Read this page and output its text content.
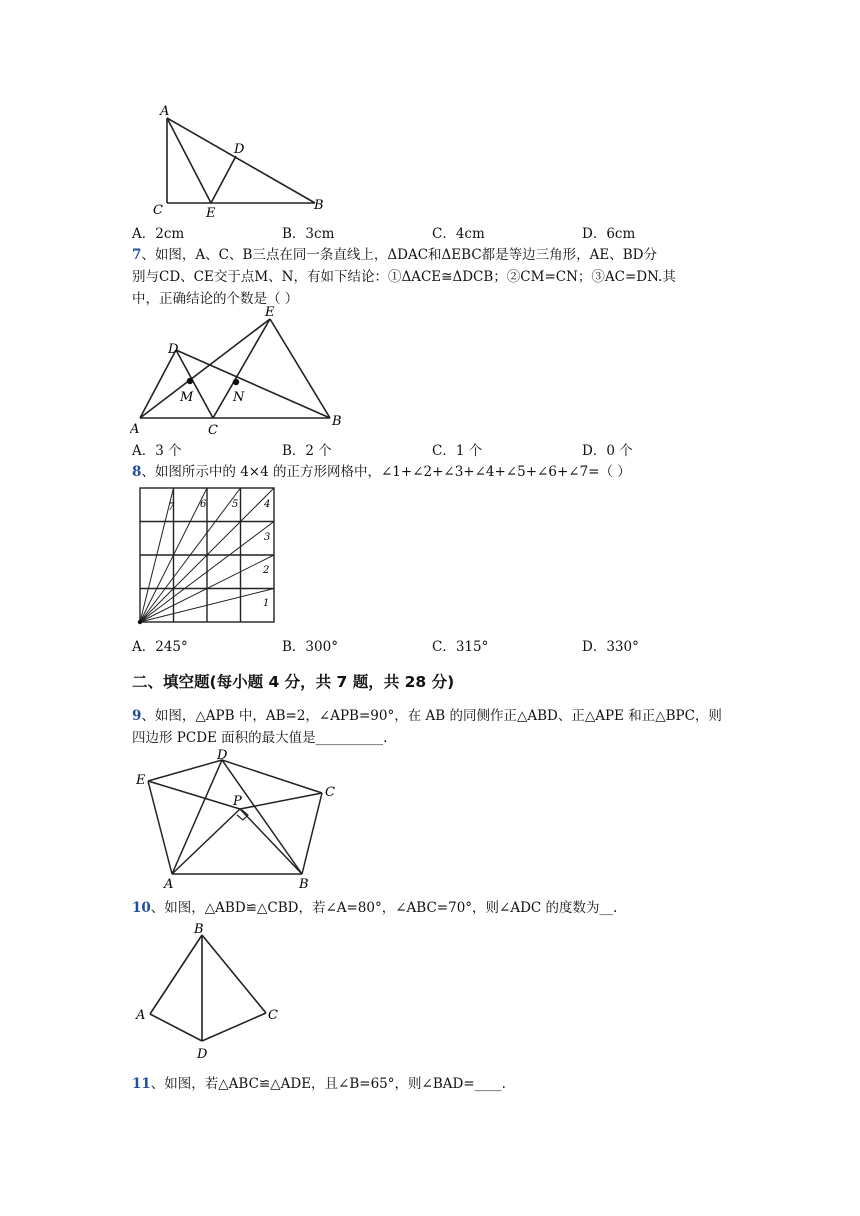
A
D
B
C	E
A．2cm	B．3cm	C．4cm	D．6cm
7、如图，A、C、B三点在同一条直线上，ΔDAC和ΔEBC都是等边三角形，AE、BD分
别与CD、CE交于点M、N，有如下结论：①ΔACE≅ΔDCB；②CM=CN；③AC=DN.其
中，正确结论的个数是（ ）
E
D
M	N
A	C
B
A．3 个	B．2 个	C．1 个	D．0 个
8、如图所示中的 4×4 的正方形网格中，∠1+∠2+∠3+∠4+∠5+∠6+∠7=（ ）
1
2
3
4
5
6
7
A．245°	B．300°	C．315°	D．330°
二、填空题(每小题 4 分，共 7 题，共 28 分)
9、如图，△APB 中，AB=2，∠APB=90°，在 AB 的同侧作正△ABD、正△APE 和正△BPC，则
四边形 PCDE 面积的最大值是__________.
D
E
C
P
A	B
10、如图，△ABD≌△CBD，若∠A=80°，∠ABC=70°，则∠ADC 的度数为__.
B
A	C
D
11、如图，若△ABC≌△ADE，且∠B=65°，则∠BAD=____.
